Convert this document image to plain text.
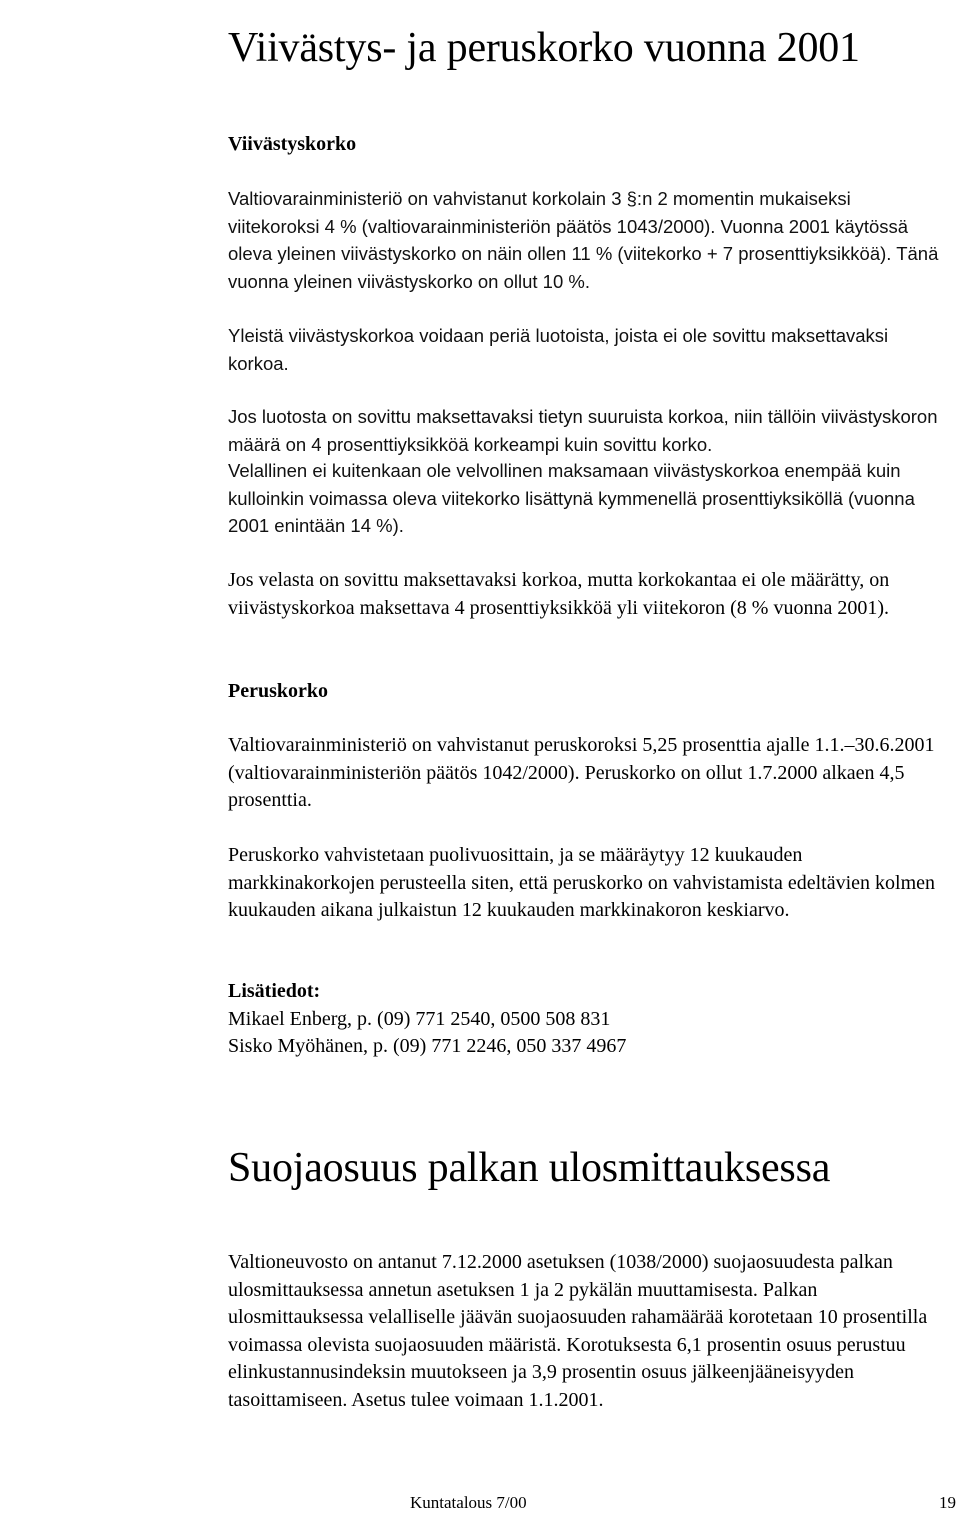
Viivästys- ja peruskorko vuonna 2001
Viivästyskorko

Valtiovarainministeriö on vahvistanut korkolain 3 §:n 2 momentin mukaiseksi viitekoroksi 4 % (valtiovarainministeriön päätös 1043/2000). Vuonna 2001 käytössä oleva yleinen viivästyskorko on näin ollen 11 % (viitekorko + 7 prosenttiyksikköä). Tänä vuonna yleinen viivästyskorko on ollut 10 %.

Yleistä viivästyskorkoa voidaan periä luotoista, joista ei ole sovittu maksettavaksi korkoa.

Jos luotosta on sovittu maksettavaksi tietyn suuruista korkoa, niin tällöin viivästyskoron määrä on 4 prosenttiyksikköä korkeampi kuin sovittu korko.

Velallinen ei kuitenkaan ole velvollinen maksamaan viivästyskorkoa enempää kuin kulloinkin voimassa oleva viitekorko lisättynä kymmenellä prosenttiyksiköllä (vuonna 2001 enintään 14 %).

Jos velasta on sovittu maksettavaksi korkoa, mutta korkokantaa ei ole määrätty, on viivästyskorkoa maksettava 4 prosenttiyksikköä yli viitekoron (8 % vuonna 2001).

Peruskorko

Valtiovarainministeriö on vahvistanut peruskoroksi 5,25 prosenttia ajalle 1.1.–30.6.2001 (valtiovarainministeriön päätös 1042/2000). Peruskorko on ollut 1.7.2000 alkaen 4,5 prosenttia.

Peruskorko vahvistetaan puolivuosittain, ja se määräytyy 12 kuukauden markkinakorkojen perusteella siten, että peruskorko on vahvistamista edeltävien kolmen kuukauden aikana julkaistun 12 kuukauden markkinakoron keskiarvo.

Lisätiedot:
Mikael Enberg, p. (09) 771 2540, 0500 508 831
Sisko Myöhänen, p. (09) 771 2246, 050 337 4967
Suojaosuus palkan ulosmittauksessa

Valtioneuvosto on antanut 7.12.2000 asetuksen (1038/2000) suojaosuudesta palkan ulosmittauksessa annetun asetuksen 1 ja 2 pykälän muuttamisesta. Palkan ulosmittauksessa velalliselle jäävän suojaosuuden rahamäärää korotetaan 10 prosentilla voimassa olevista suojaosuuden määristä. Korotuksesta 6,1 prosentin osuus perustuu elinkustannusindeksin muutokseen ja 3,9 prosentin osuus jälkeenjääneisyyden tasoittamiseen. Asetus tulee voimaan 1.1.2001.

Kuntatalous 7/00	19
